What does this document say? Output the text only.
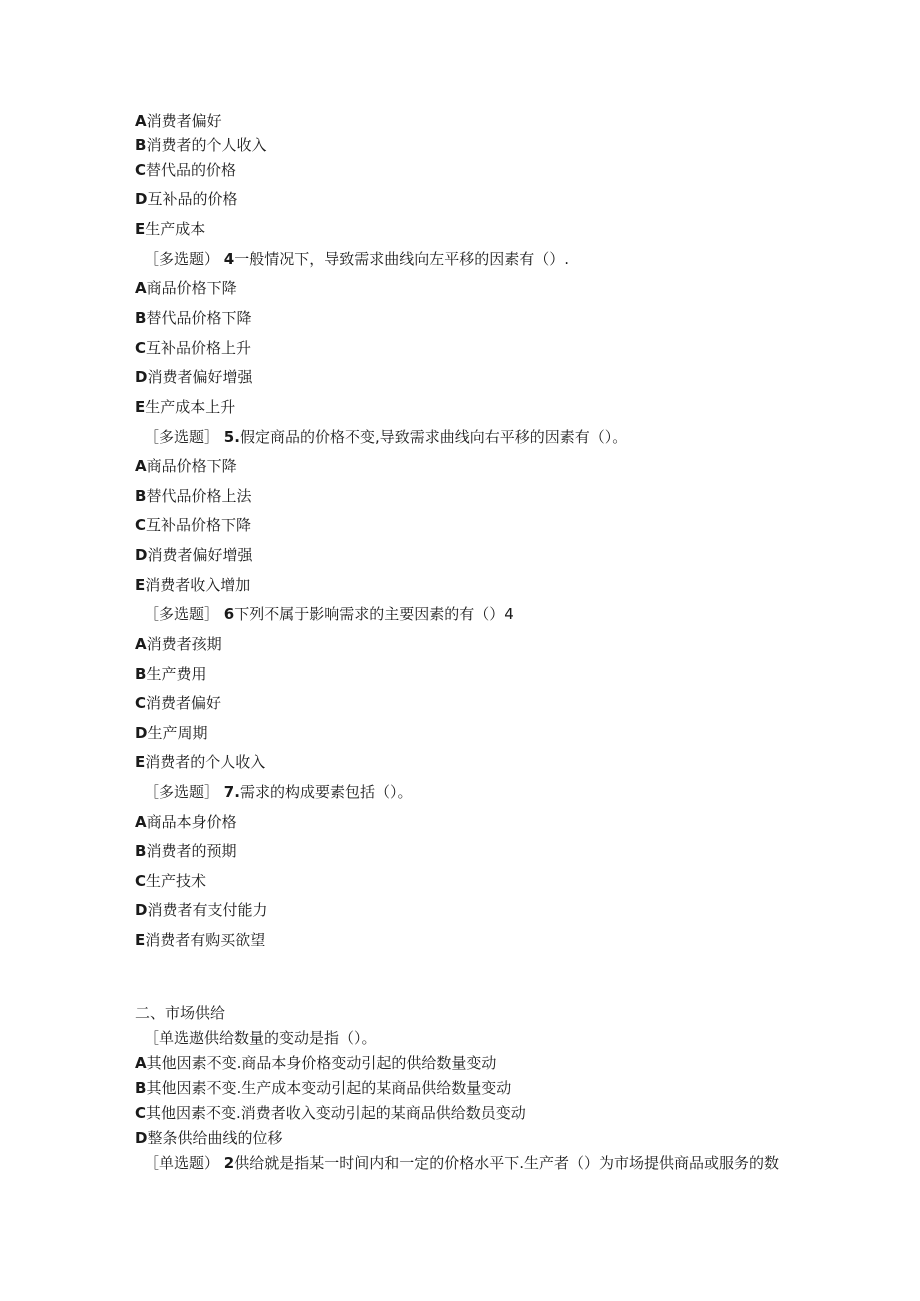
A消费者偏好
B消费者的个人收入
C替代品的价格
D互补品的价格
E生产成本
［多选题） 4一般情况下，导致需求曲线向左平移的因素有（）.
A商品价格下降
B替代品价格下降
C互补品价格上升
D消费者偏好增强
E生产成本上升
［多选题］ 5.假定商品的价格不变,导致需求曲线向右平移的因素有（）。
A商品价格下降
B替代品价格上法
C互补品价格下降
D消费者偏好增强
E消费者收入增加
［多选题］ 6下列不属于影响需求的主要因素的有（）4
A消费者孩期
B生产费用
C消费者偏好
D生产周期
E消费者的个人收入
［多选题］ 7.需求的构成要素包括（）。
A商品本身价格
B消费者的预期
C生产技术
D消费者有支付能力
E消费者有购买欲望
二、市场供给
［单选遨供给数量的变动是指（）。
A其他因素不变.商品本身价格变动引起的供给数量变动
B其他因素不变.生产成本变动引起的某商品供给数量变动
C其他因素不变.消费者收入变动引起的某商品供给数员变动
D整条供给曲线的位移
［单选题） 2供给就是指某一时间内和一定的价格水平下.生产者（）为市场提供商品或服务的数
